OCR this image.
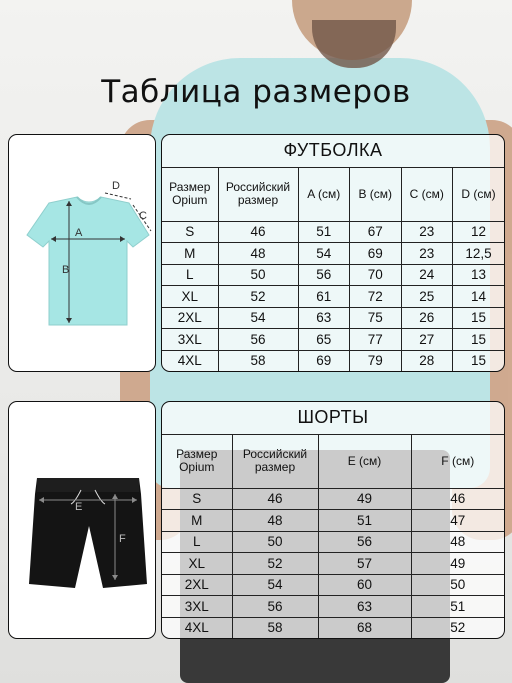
Таблица размеров
A
B
C
D
ФУТБОЛКА					
Размер Opium	Российский размер	A (см)	B (см)	C (см)	D (см)
S	46	51	67	23	12
M	48	54	69	23	12,5
L	50	56	70	24	13
XL	52	61	72	25	14
2XL	54	63	75	26	15
3XL	56	65	77	27	15
4XL	58	69	79	28	15
E
F
ШОРТЫ			
Размер Opium	Российский размер	E (см)	F (см)
S	46	49	46
M	48	51	47
L	50	56	48
XL	52	57	49
2XL	54	60	50
3XL	56	63	51
4XL	58	68	52
